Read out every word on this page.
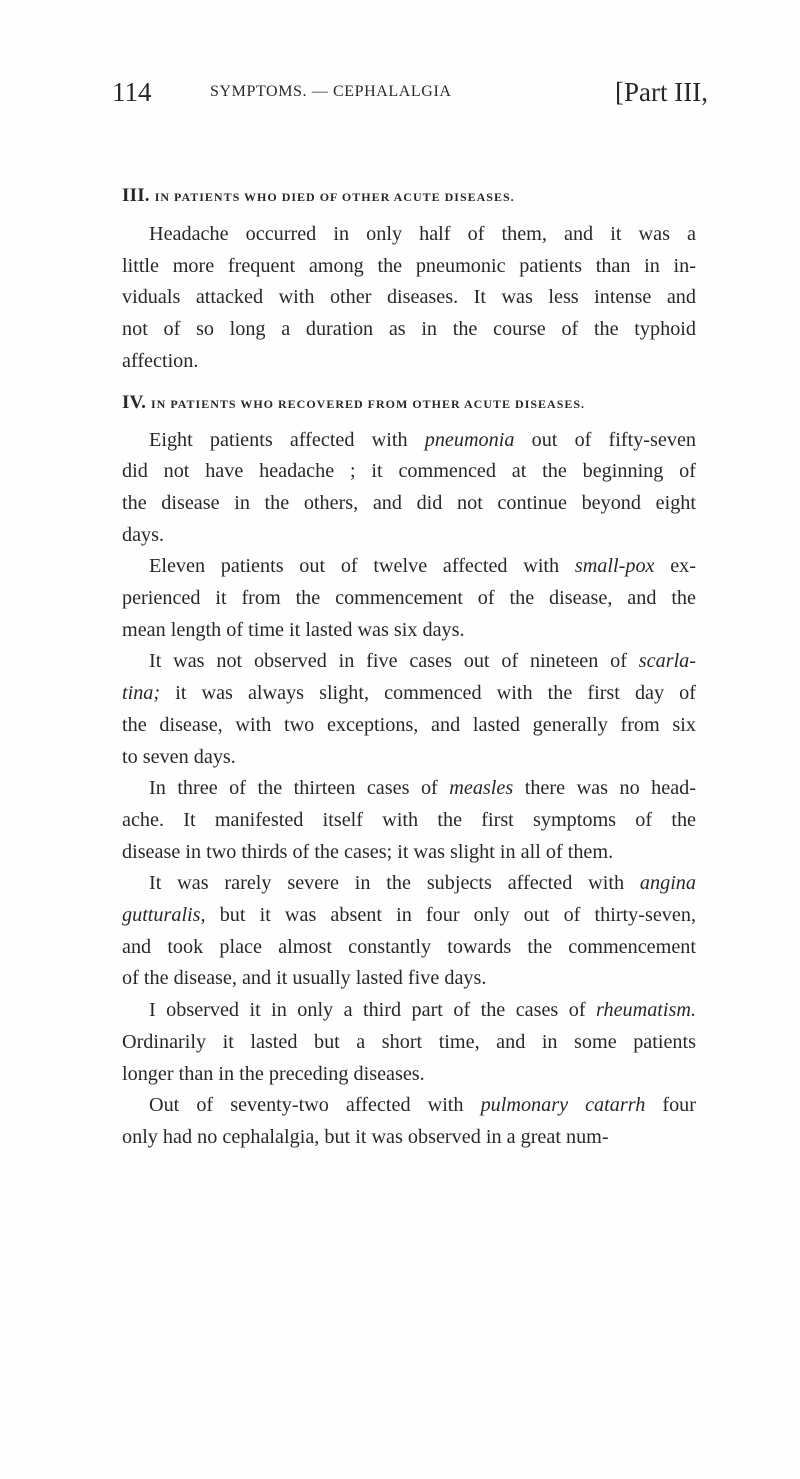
114	SYMPTOMS. — CEPHALALGIA	[Part III,
III. IN PATIENTS WHO DIED OF OTHER ACUTE DISEASES.

Headache occurred in only half of them, and it was a
little more frequent among the pneumonic patients than in in-
viduals attacked with other diseases. It was less intense and
not of so long a duration as in the course of the typhoid
affection.

IV. IN PATIENTS WHO RECOVERED FROM OTHER ACUTE DISEASES.

Eight patients affected with pneumonia out of fifty-seven
did not have headache ; it commenced at the beginning of
the disease in the others, and did not continue beyond eight
days.

Eleven patients out of twelve affected with small-pox ex-
perienced it from the commencement of the disease, and the
mean length of time it lasted was six days.

It was not observed in five cases out of nineteen of scarla-
tina; it was always slight, commenced with the first day of
the disease, with two exceptions, and lasted generally from six
to seven days.

In three of the thirteen cases of measles there was no head-
ache. It manifested itself with the first symptoms of the
disease in two thirds of the cases; it was slight in all of them.

It was rarely severe in the subjects affected with angina
gutturalis, but it was absent in four only out of thirty-seven,
and took place almost constantly towards the commencement
of the disease, and it usually lasted five days.

I observed it in only a third part of the cases of rheumatism.
Ordinarily it lasted but a short time, and in some patients
longer than in the preceding diseases.

Out of seventy-two affected with pulmonary catarrh four
only had no cephalalgia, but it was observed in a great num-
